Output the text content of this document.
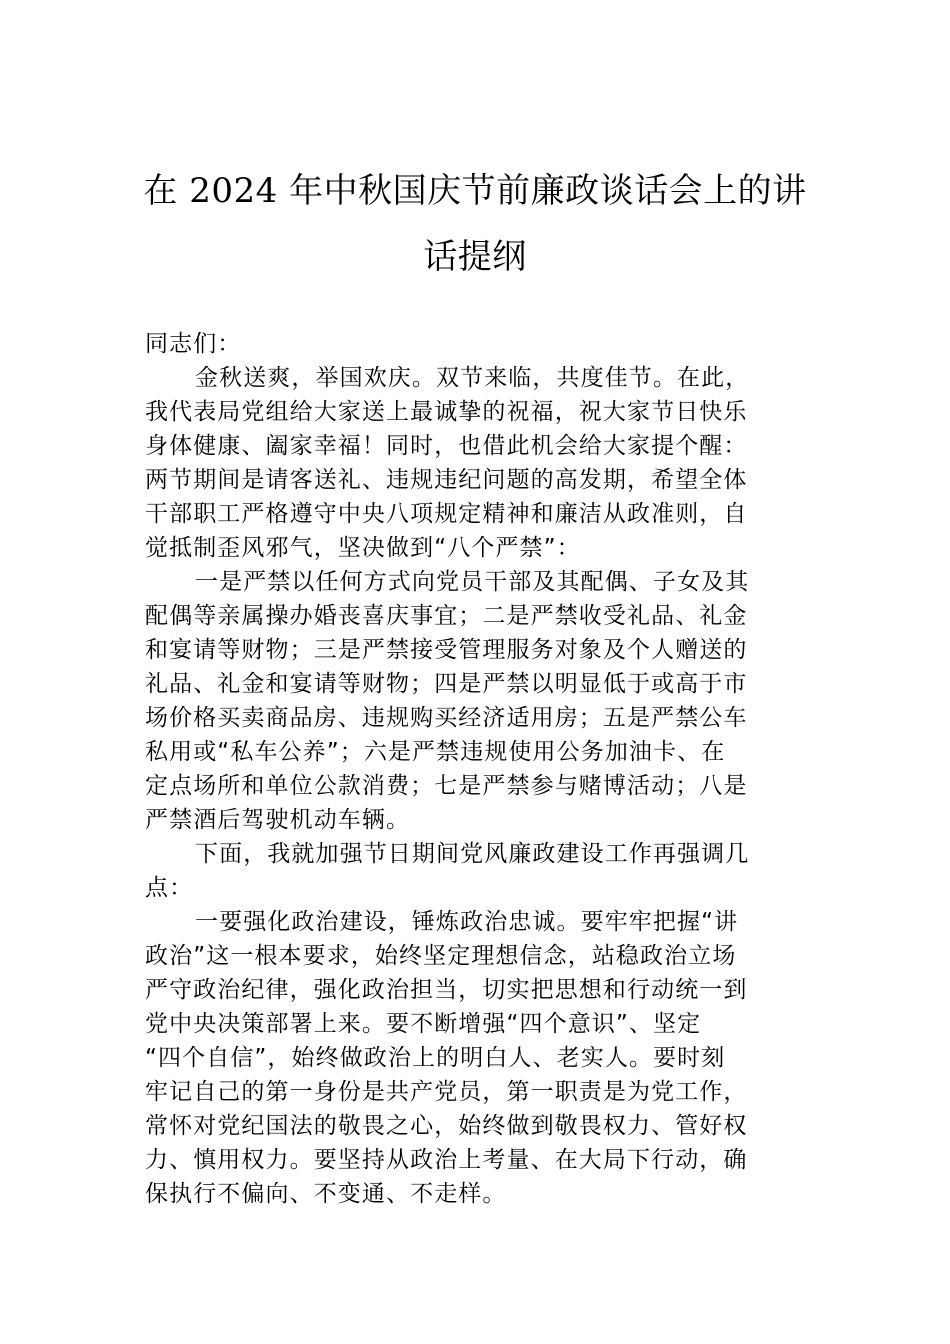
在 2024 年中秋国庆节前廉政谈话会上的讲
话提纲

同志们：

金秋送爽，举国欢庆。双节来临，共度佳节。在此，

我代表局党组给大家送上最诚挚的祝福，祝大家节日快乐
身体健康、阖家幸福！同时，也借此机会给大家提个醒：
两节期间是请客送礼、违规违纪问题的高发期，希望全体
干部职工严格遵守中央八项规定精神和廉洁从政准则，自
觉抵制歪风邪气，坚决做到“八个严禁”：

一是严禁以任何方式向党员干部及其配偶、子女及其

配偶等亲属操办婚丧喜庆事宜；二是严禁收受礼品、礼金
和宴请等财物；三是严禁接受管理服务对象及个人赠送的
礼品、礼金和宴请等财物；四是严禁以明显低于或高于市
场价格买卖商品房、违规购买经济适用房；五是严禁公车
私用或“私车公养”；六是严禁违规使用公务加油卡、在
定点场所和单位公款消费；七是严禁参与赌博活动；八是
严禁酒后驾驶机动车辆。

下面，我就加强节日期间党风廉政建设工作再强调几

点：

一要强化政治建设，锤炼政治忠诚。要牢牢把握“讲

政治”这一根本要求，始终坚定理想信念，站稳政治立场
严守政治纪律，强化政治担当，切实把思想和行动统一到
党中央决策部署上来。要不断增强“四个意识”、坚定
“四个自信”，始终做政治上的明白人、老实人。要时刻
牢记自己的第一身份是共产党员，第一职责是为党工作，
常怀对党纪国法的敬畏之心，始终做到敬畏权力、管好权
力、慎用权力。要坚持从政治上考量、在大局下行动，确
保执行不偏向、不变通、不走样。
